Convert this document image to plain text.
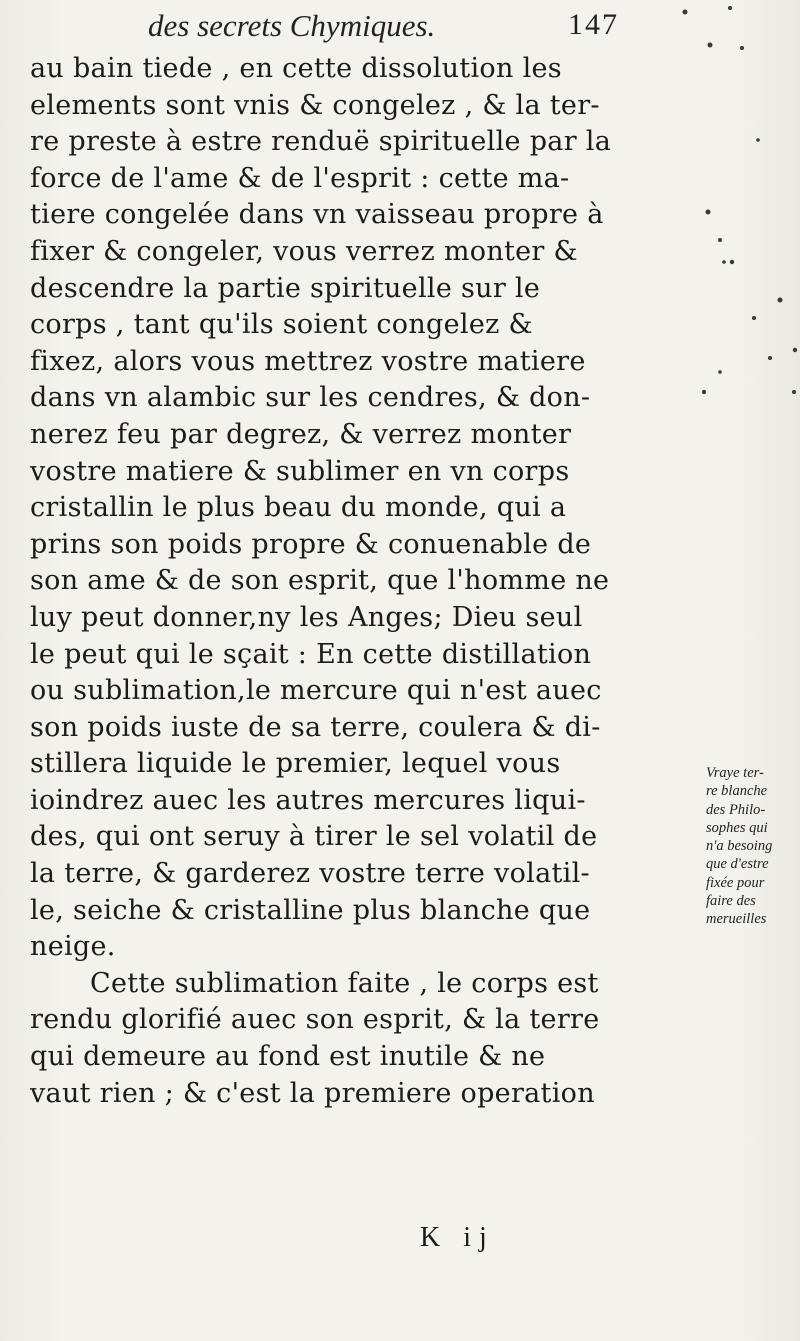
des secrets Chymiques.	147
au bain tiede , en cette dissolution les
elements sont vnis & congelez , & la ter-
re preste à estre renduë spirituelle par la
force de l'ame & de l'esprit : cette ma-
tiere congelée dans vn vaisseau propre à
fixer & congeler, vous verrez monter &
descendre la partie spirituelle sur le
corps , tant qu'ils soient congelez &
fixez, alors vous mettrez vostre matiere
dans vn alambic sur les cendres, & don-
nerez feu par degrez, & verrez monter
vostre matiere & sublimer en vn corps
cristallin le plus beau du monde, qui a
prins son poids propre & conuenable de
son ame & de son esprit, que l'homme ne
luy peut donner,ny les Anges; Dieu seul
le peut qui le sçait : En cette distillation
ou sublimation,le mercure qui n'est auec
son poids iuste de sa terre, coulera & di-
stillera liquide le premier, lequel vous
ioindrez auec les autres mercures liqui-
des, qui ont seruy à tirer le sel volatil de
la terre, & garderez vostre terre volatil-
le, seiche & cristalline plus blanche que
neige.
Cette sublimation faite , le corps est
rendu glorifié auec son esprit, & la terre
qui demeure au fond est inutile & ne
vaut rien ; & c'est la premiere operation
Vraye ter-
re blanche
des Philo-
sophes qui
n'a besoing
que d'estre
fixée pour
faire des
merueilles
K ij
